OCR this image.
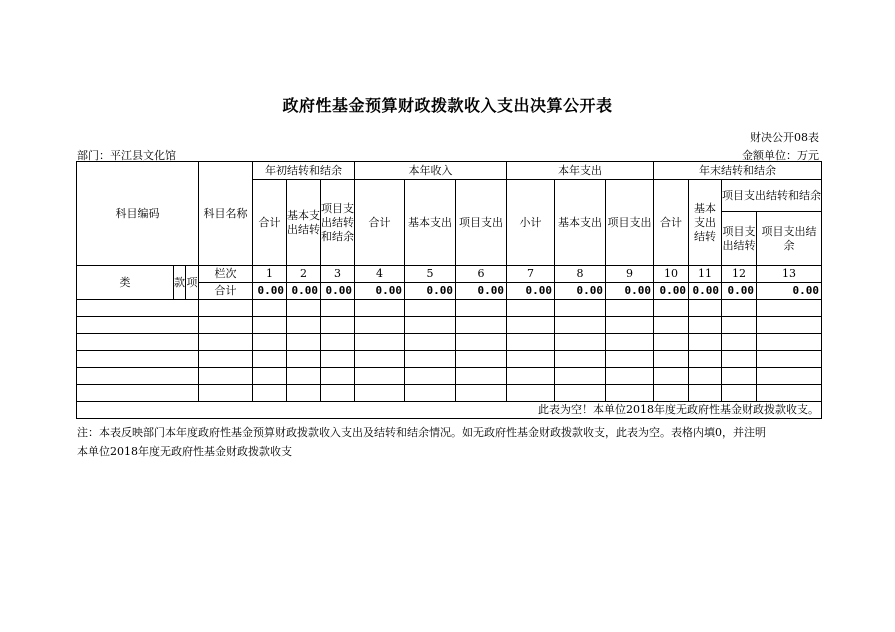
政府性基金预算财政拨款收入支出决算公开表
财决公开08表
部门：平江县文化馆	金额单位：万元
科目编码			科目名称	年初结转和结余			本年收入			本年支出			年末结转和结余			
				合计	基本支出结转	项目支出结转和结余	合计	基本支出	项目支出	小计	基本支出	项目支出	合计	基本支出结转	项目支出结转和结余	
															项目支出结转	项目支出结余
类	款	项	栏次	1	2	3	4	5	6	7	8	9	10	11	12	13
			合计	0.00	0.00	0.00	0.00	0.00	0.00	0.00	0.00	0.00	0.00	0.00	0.00	0.00

此表为空！本单位2018年度无政府性基金财政拨款收支。																
注：本表反映部门本年度政府性基金预算财政拨款收入支出及结转和结余情况。如无政府性基金财政拨款收支，此表为空。表格内填0，并注明
本单位2018年度无政府性基金财政拨款收支
